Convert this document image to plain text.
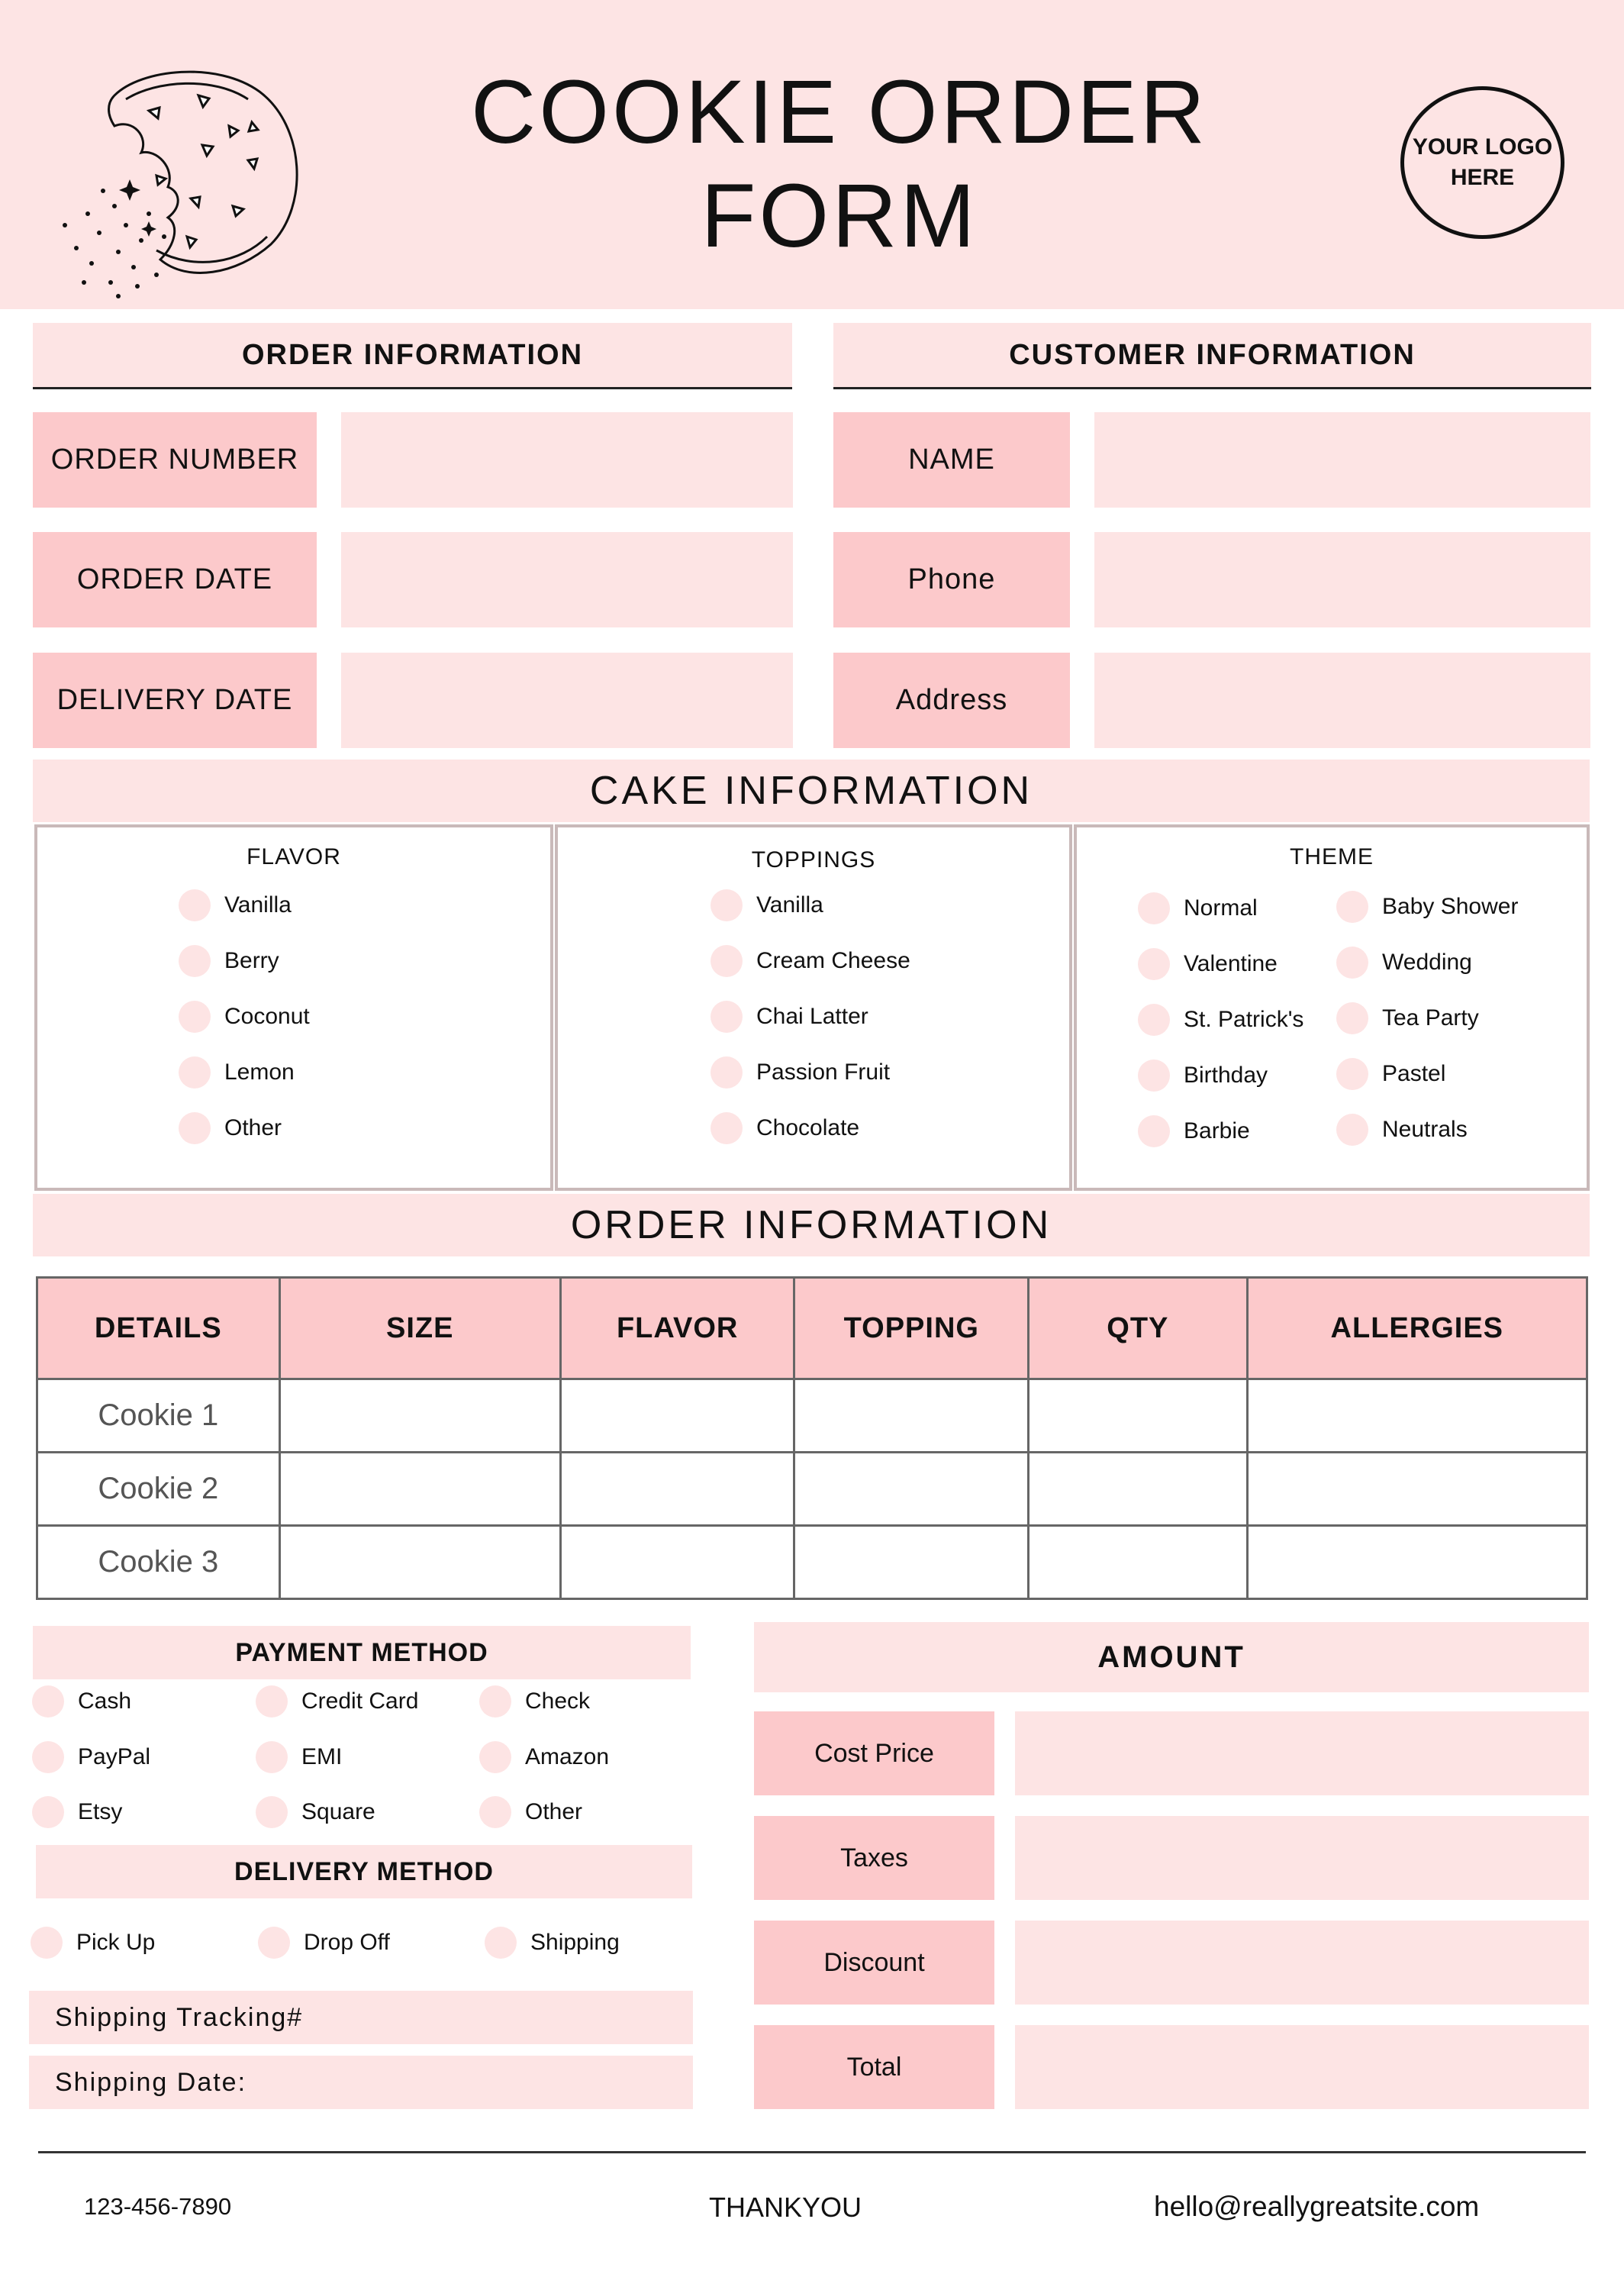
COOKIE ORDER FORM
YOUR LOGO HERE
ORDER INFORMATION
ORDER NUMBER
ORDER DATE
DELIVERY DATE
CUSTOMER INFORMATION
NAME
Phone
Address
CAKE INFORMATION
FLAVOR
Vanilla
Berry
Coconut
Lemon
Other
TOPPINGS
Vanilla
Cream Cheese
Chai Latter
Passion Fruit
Chocolate
THEME
Normal
Valentine
St. Patrick's
Birthday
Barbie
Baby Shower
Wedding
Tea Party
Pastel
Neutrals
ORDER INFORMATION
DETAILS	SIZE	FLAVOR	TOPPING	QTY	ALLERGIES
Cookie 1					
Cookie 2					
Cookie 3					
PAYMENT METHOD
Cash	Credit Card	Check
PayPal	EMI	Amazon
Etsy	Square	Other
DELIVERY METHOD
Pick Up	Drop Off	Shipping
Shipping Tracking#
Shipping Date:
AMOUNT
Cost Price
Taxes
Discount
Total
123-456-7890	THANKYOU	hello@reallygreatsite.com
